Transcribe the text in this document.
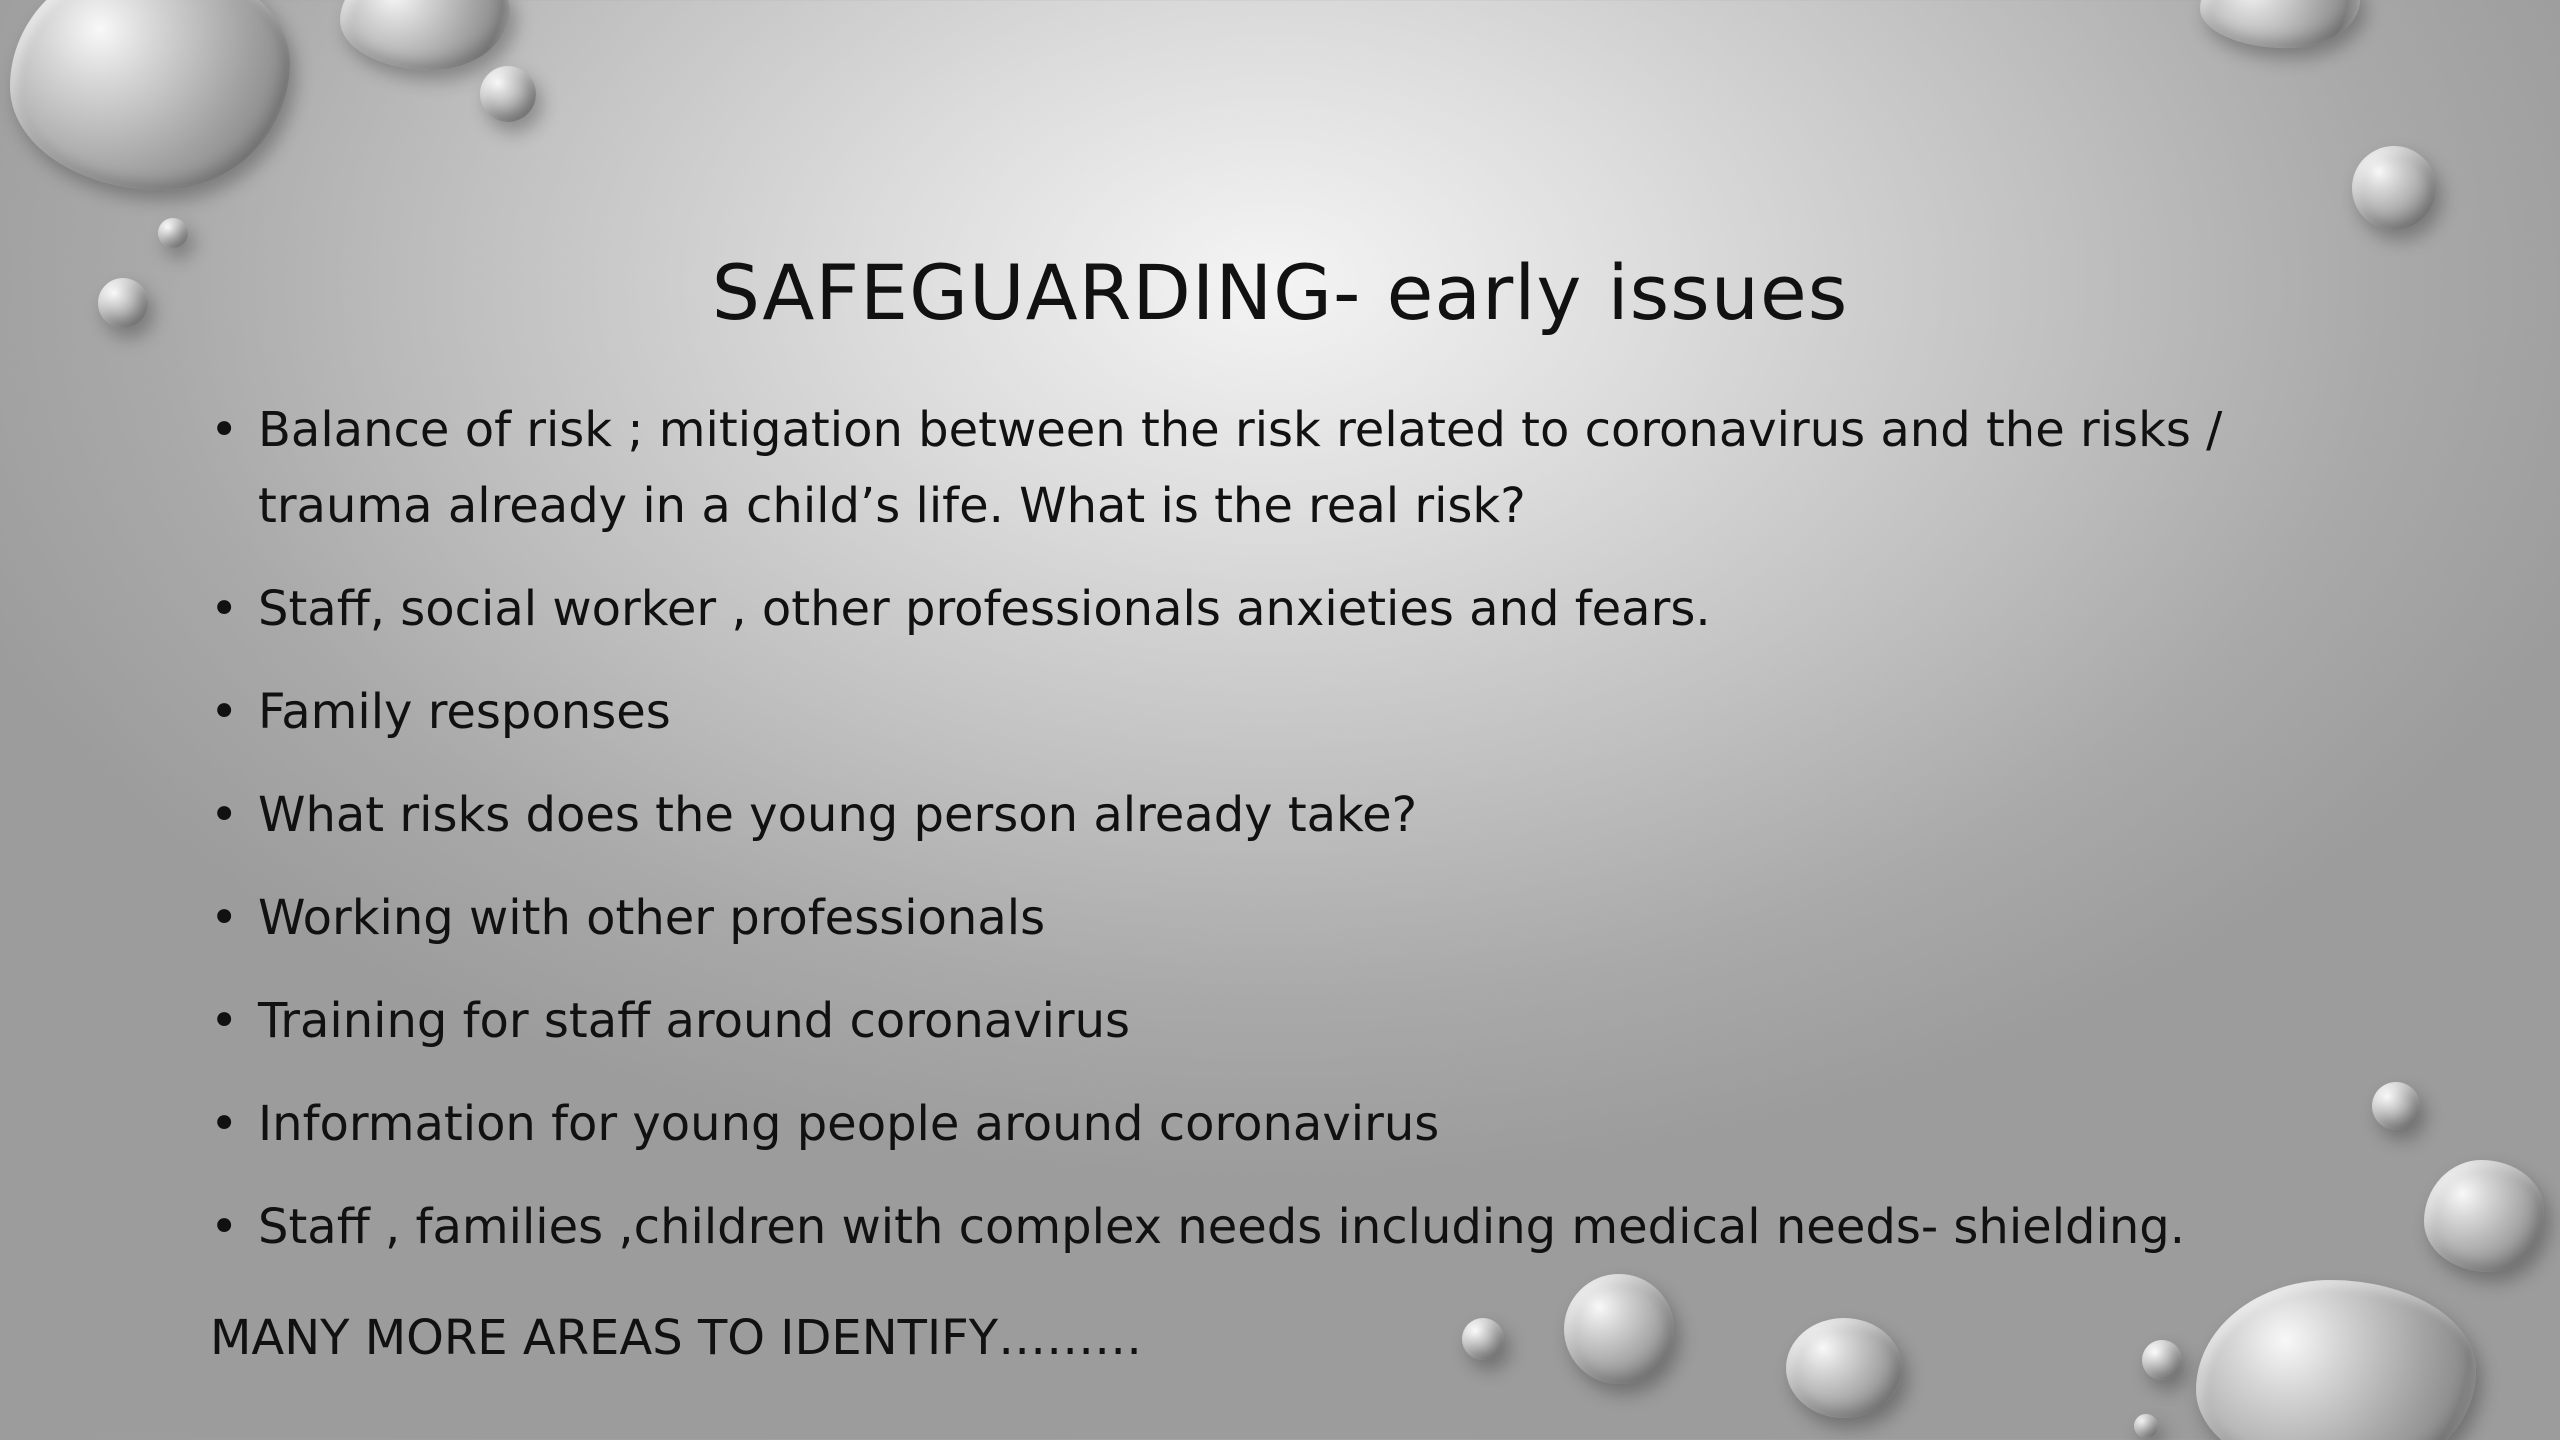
SAFEGUARDING- early issues
• Balance of risk ; mitigation between the risk related to coronavirus and the risks / trauma already in a child’s life. What is the real risk?
• Staff, social worker , other professionals anxieties and fears.
• Family responses
• What risks does the young person already take?
• Working with other professionals
• Training for staff around coronavirus
• Information for young people around coronavirus
• Staff , families ,children with complex needs including medical needs- shielding.
MANY MORE AREAS TO IDENTIFY………
